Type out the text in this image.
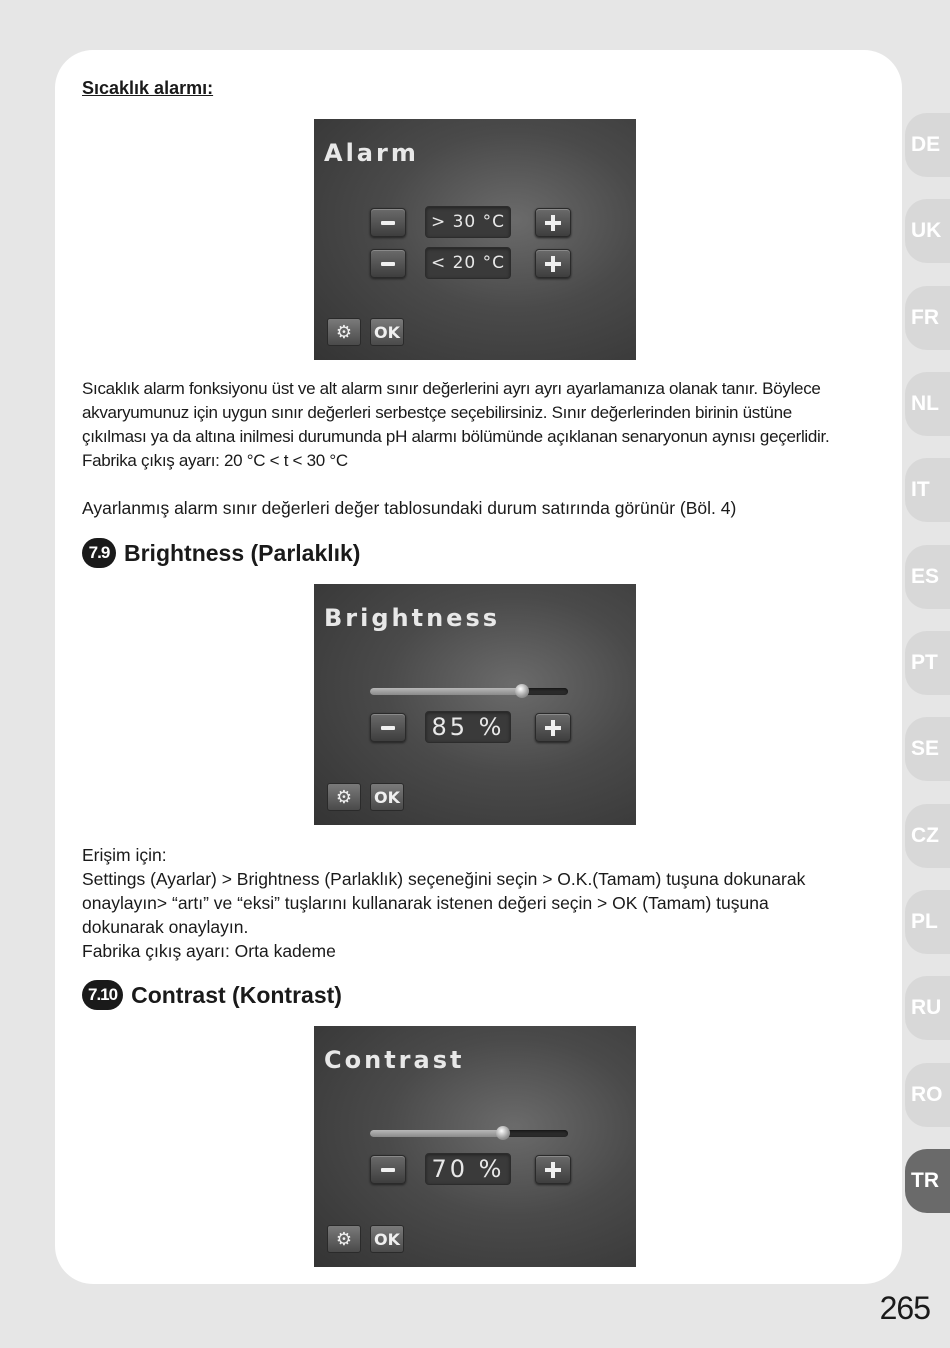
Sıcaklık alarmı:
Alarm
> 30 °C
< 20 °C
⚙ OK
Sıcaklık alarm fonksiyonu üst ve alt alarm sınır değerlerini ayrı ayrı ayarlamanıza olanak tanır. Böylece
akvaryumunuz için uygun sınır değerleri serbestçe seçebilirsiniz. Sınır değerlerinden birinin üstüne
çıkılması ya da altına inilmesi durumunda pH alarmı bölümünde açıklanan senaryonun aynısı geçerlidir.
Fabrika çıkış ayarı: 20 °C < t < 30 °C
Ayarlanmış alarm sınır değerleri değer tablosundaki durum satırında görünür (Böl. 4)
7.9 Brightness (Parlaklık)
Brightness
85 %
⚙ OK
Erişim için:
Settings (Ayarlar) > Brightness (Parlaklık) seçeneğini seçin > O.K.(Tamam) tuşuna dokunarak
onaylayın> “artı” ve “eksi” tuşlarını kullanarak istenen değeri seçin > OK (Tamam) tuşuna
dokunarak onaylayın.
Fabrika çıkış ayarı: Orta kademe
7.10 Contrast (Kontrast)
Contrast
70 %
⚙ OK
DE
UK
FR
NL
IT
ES
PT
SE
CZ
PL
RU
RO
TR
265
